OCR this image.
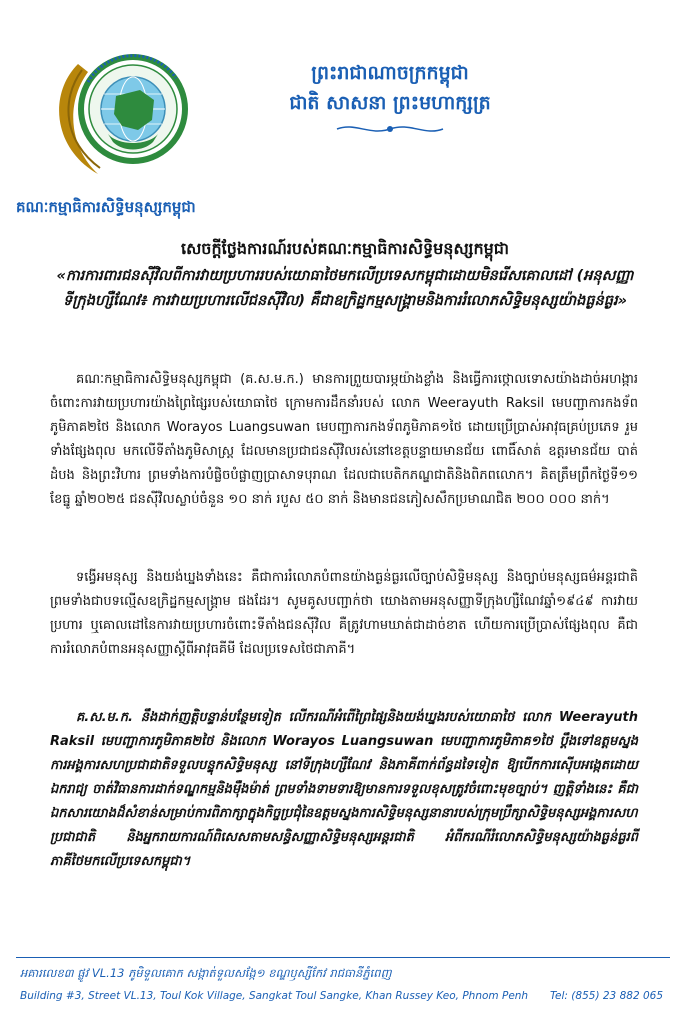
គណៈកម្មាធិការសិទ្ធិមនុស្សកម្ពុជា
ព្រះរាជាណាចក្រកម្ពុជា
ជាតិ សាសនា ព្រះមហាក្សត្រ
សេចក្ដីថ្លែងការណ៍របស់គណៈកម្មាធិការសិទ្ធិមនុស្សកម្ពុជា
«ការការពារជនស៊ីវិលពីការវាយប្រហាររបស់យោធាថៃមកលើប្រទេសកម្ពុជាដោយមិនរើសគោលដៅ (អនុសញ្ញាទីក្រុងហ្សឺណែវ៖ ការវាយប្រហារលើជនស៊ីវិល) គឺជាឧក្រិដ្ឋកម្មសង្គ្រាមនិងការរំលោភសិទ្ធិមនុស្សយ៉ាងធ្ងន់ធ្ងរ»
គណៈកម្មាធិការសិទ្ធិមនុស្សកម្ពុជា (គ.ស.ម.ក.) មានការព្រួយបារម្ភយ៉ាងខ្លាំង និងធ្វើការថ្កោលទោសយ៉ាងដាច់អហង្ការចំពោះការវាយប្រហារយ៉ាងព្រៃផ្សៃរបស់យោធាថៃ ក្រោមការដឹកនាំរបស់ លោក Weerayuth Raksil មេបញ្ជាការកងទ័ពភូមិភាគ២ថៃ និងលោក Worayos Luangsuwan មេបញ្ជាការកងទ័ពភូមិភាគ១ថៃ ដោយប្រើប្រាស់អាវុធគ្រប់ប្រភេទ រួមទាំងផ្សែងពុល មកលើទីតាំងភូមិសាស្ត្រ ដែលមានប្រជាជនស៊ីវិលរស់នៅខេត្តបន្ទាយមានជ័យ ពោធិ៍សាត់ ឧត្តរមានជ័យ បាត់ដំបង និងព្រះវិហារ ព្រមទាំងការបំផ្លិចបំផ្លាញប្រាសាទបុរាណ ដែលជាបេតិកភណ្ឌជាតិនិងពិភពលោក។ គិតត្រឹមព្រឹកថ្ងៃទី១១ ខែធ្នូ ឆ្នាំ២០២៥ ជនស៊ីវិលស្លាប់ចំនួន ១០ នាក់ របួស ៥០ នាក់ និងមានជនភៀសសឹកប្រមាណជិត ២០០ ០០០ នាក់។
ទង្វើអមនុស្ស និងយង់ឃ្នងទាំងនេះ គឺជាការរំលោភបំពានយ៉ាងធ្ងន់ធ្ងរលើច្បាប់សិទ្ធិមនុស្ស និងច្បាប់មនុស្សធម៌អន្តរជាតិ ព្រមទាំងជាបទល្មើសឧក្រិដ្ឋកម្មសង្គ្រាម ផងដែរ។ សូមគូសបញ្ជាក់ថា យោងតាមអនុសញ្ញាទីក្រុងហ្សឺណែវឆ្នាំ១៩៤៩ ការវាយប្រហារ ឬគោលដៅនៃការវាយប្រហារចំពោះទីតាំងជនស៊ីវិល គឺត្រូវហាមឃាត់ជាដាច់ខាត ហើយការប្រើប្រាស់ផ្សែងពុល គឺជាការរំលោភបំពានអនុសញ្ញាស្តីពីអាវុធគីមី ដែលប្រទេសថៃជាភាគី។
គ.ស.ម.ក. នឹងដាក់ញត្តិបន្ទាន់បន្ថែមទៀត លើករណីអំពើព្រៃផ្សៃនិងយង់ឃ្នងរបស់យោធាថៃ លោក Weerayuth Raksil មេបញ្ជាការភូមិភាគ២ថៃ និងលោក Worayos Luangsuwan មេបញ្ជាការភូមិភាគ១ថៃ ប្ដឹងទៅឧត្តមស្នងការអង្គការសហប្រជាជាតិទទួលបន្ទុកសិទ្ធិមនុស្ស នៅទីក្រុងហ្សឺណែវ និងភាគីពាក់ព័ន្ធដទៃទៀត ឱ្យបើកការស៊ើបអង្កេតដោយឯករាជ្យ ចាត់វិធានការដាក់ទណ្ឌកម្មនិងម៉ឺងម៉ាត់ ព្រមទាំងទាមទារឱ្យមានការទទួលខុសត្រូវចំពោះមុខច្បាប់។ ញត្តិទាំងនេះ គឺជាឯកសារយោងដ៏សំខាន់សម្រាប់ការពិភាក្សាក្នុងកិច្ចប្រជុំនៃឧត្តមស្នងការសិទ្ធិមនុស្សនានារបស់ក្រុមប្រឹក្សាសិទ្ធិមនុស្សអង្គការសហប្រជាជាតិ និងអ្នករាយការណ៍ពិសេសតាមសន្ធិសញ្ញាសិទ្ធិមនុស្សអន្តរជាតិ អំពីករណីរំលោភសិទ្ធិមនុស្សយ៉ាងធ្ងន់ធ្ងរពីភាគីថៃមកលើប្រទេសកម្ពុជា។
អគារលេខ៣ ផ្លូវ VL.13 ភូមិទួលគោក សង្កាត់ទួលសង្កែ១ ខណ្ឌឫស្សីកែវ រាជធានីភ្នំពេញ
Building #3, Street VL.13, Toul Kok Village, Sangkat Toul Sangke, Khan Russey Keo, Phnom Penh Tel: (855) 23 882 065
